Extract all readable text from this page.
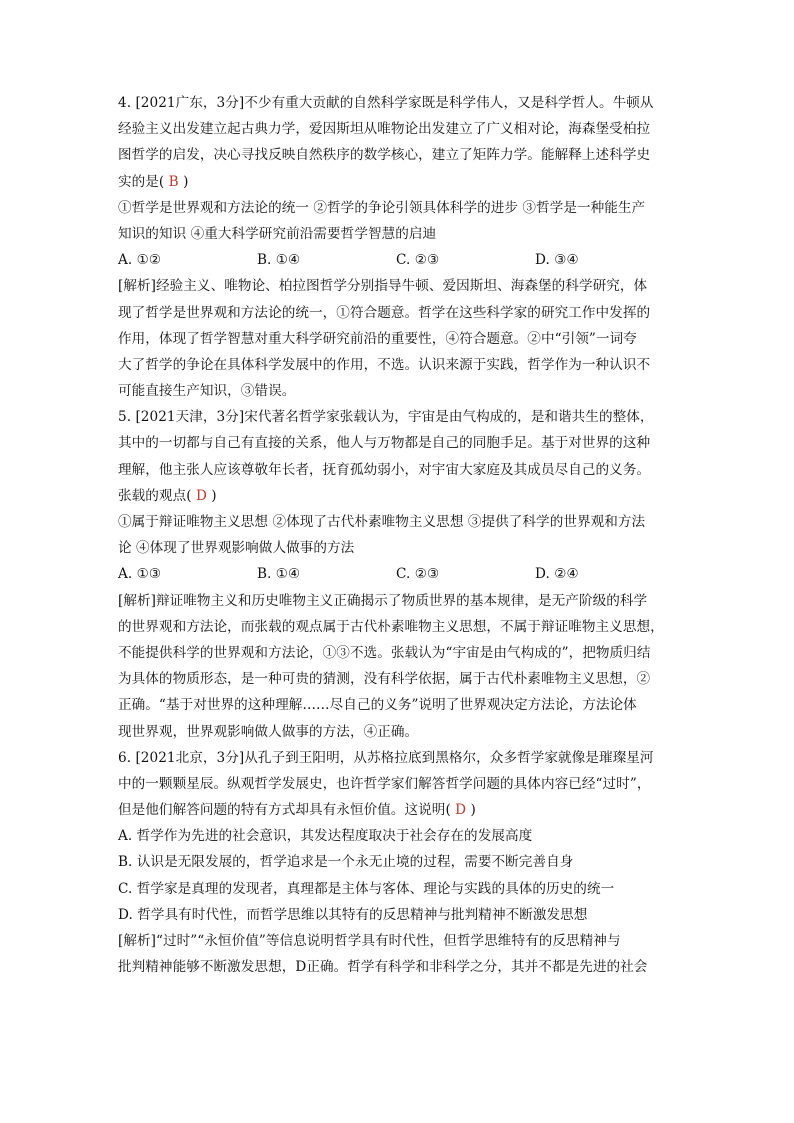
4. [2021广东，3分]不少有重大贡献的自然科学家既是科学伟人，又是科学哲人。牛顿从
经验主义出发建立起古典力学，爱因斯坦从唯物论出发建立了广义相对论，海森堡受柏拉
图哲学的启发，决心寻找反映自然秩序的数学核心，建立了矩阵力学。能解释上述科学史
实的是( B )
①哲学是世界观和方法论的统一 ②哲学的争论引领具体科学的进步 ③哲学是一种能生产
知识的知识 ④重大科学研究前沿需要哲学智慧的启迪
A. ①②	B. ①④	C. ②③	D. ③④
[解析]经验主义、唯物论、柏拉图哲学分别指导牛顿、爱因斯坦、海森堡的科学研究，体
现了哲学是世界观和方法论的统一，①符合题意。哲学在这些科学家的研究工作中发挥的
作用，体现了哲学智慧对重大科学研究前沿的重要性，④符合题意。②中“引领”一词夸
大了哲学的争论在具体科学发展中的作用，不选。认识来源于实践，哲学作为一种认识不
可能直接生产知识，③错误。
5. [2021天津，3分]宋代著名哲学家张载认为，宇宙是由气构成的，是和谐共生的整体，
其中的一切都与自己有直接的关系，他人与万物都是自己的同胞手足。基于对世界的这种
理解，他主张人应该尊敬年长者，抚育孤幼弱小，对宇宙大家庭及其成员尽自己的义务。
张载的观点( D )
①属于辩证唯物主义思想 ②体现了古代朴素唯物主义思想 ③提供了科学的世界观和方法
论 ④体现了世界观影响做人做事的方法
A. ①③	B. ①④	C. ②③	D. ②④
[解析]辩证唯物主义和历史唯物主义正确揭示了物质世界的基本规律，是无产阶级的科学
的世界观和方法论，而张载的观点属于古代朴素唯物主义思想，不属于辩证唯物主义思想，
不能提供科学的世界观和方法论，①③不选。张载认为“宇宙是由气构成的”，把物质归结
为具体的物质形态，是一种可贵的猜测，没有科学依据，属于古代朴素唯物主义思想，②
正确。“基于对世界的这种理解……尽自己的义务”说明了世界观决定方法论，方法论体
现世界观，世界观影响做人做事的方法，④正确。
6. [2021北京，3分]从孔子到王阳明，从苏格拉底到黑格尔，众多哲学家就像是璀璨星河
中的一颗颗星辰。纵观哲学发展史，也许哲学家们解答哲学问题的具体内容已经“过时”，
但是他们解答问题的特有方式却具有永恒价值。这说明( D )
A. 哲学作为先进的社会意识，其发达程度取决于社会存在的发展高度
B. 认识是无限发展的，哲学追求是一个永无止境的过程，需要不断完善自身
C. 哲学家是真理的发现者，真理都是主体与客体、理论与实践的具体的历史的统一
D. 哲学具有时代性，而哲学思维以其特有的反思精神与批判精神不断激发思想
[解析]“过时”“永恒价值”等信息说明哲学具有时代性，但哲学思维特有的反思精神与
批判精神能够不断激发思想，D正确。哲学有科学和非科学之分，其并不都是先进的社会
